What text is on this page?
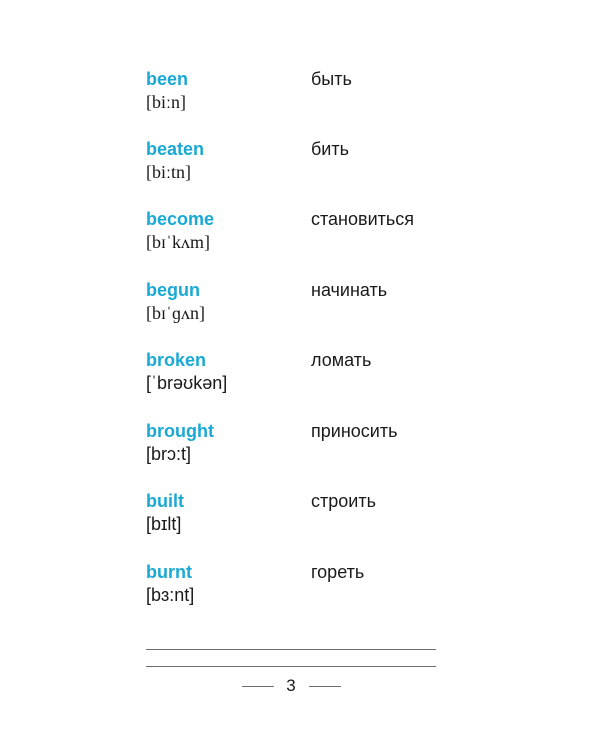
been
[biːn]
быть
beaten
[biːtn]
бить
become
[bɪˈkʌm]
становиться
begun
[bɪˈɡʌn]
начинать
broken
[ˈbrəʊkən]
ломать
brought
[brɔ:t]
приносить
built
[bɪlt]
строить
burnt
[bɜ:nt]
гореть
3
